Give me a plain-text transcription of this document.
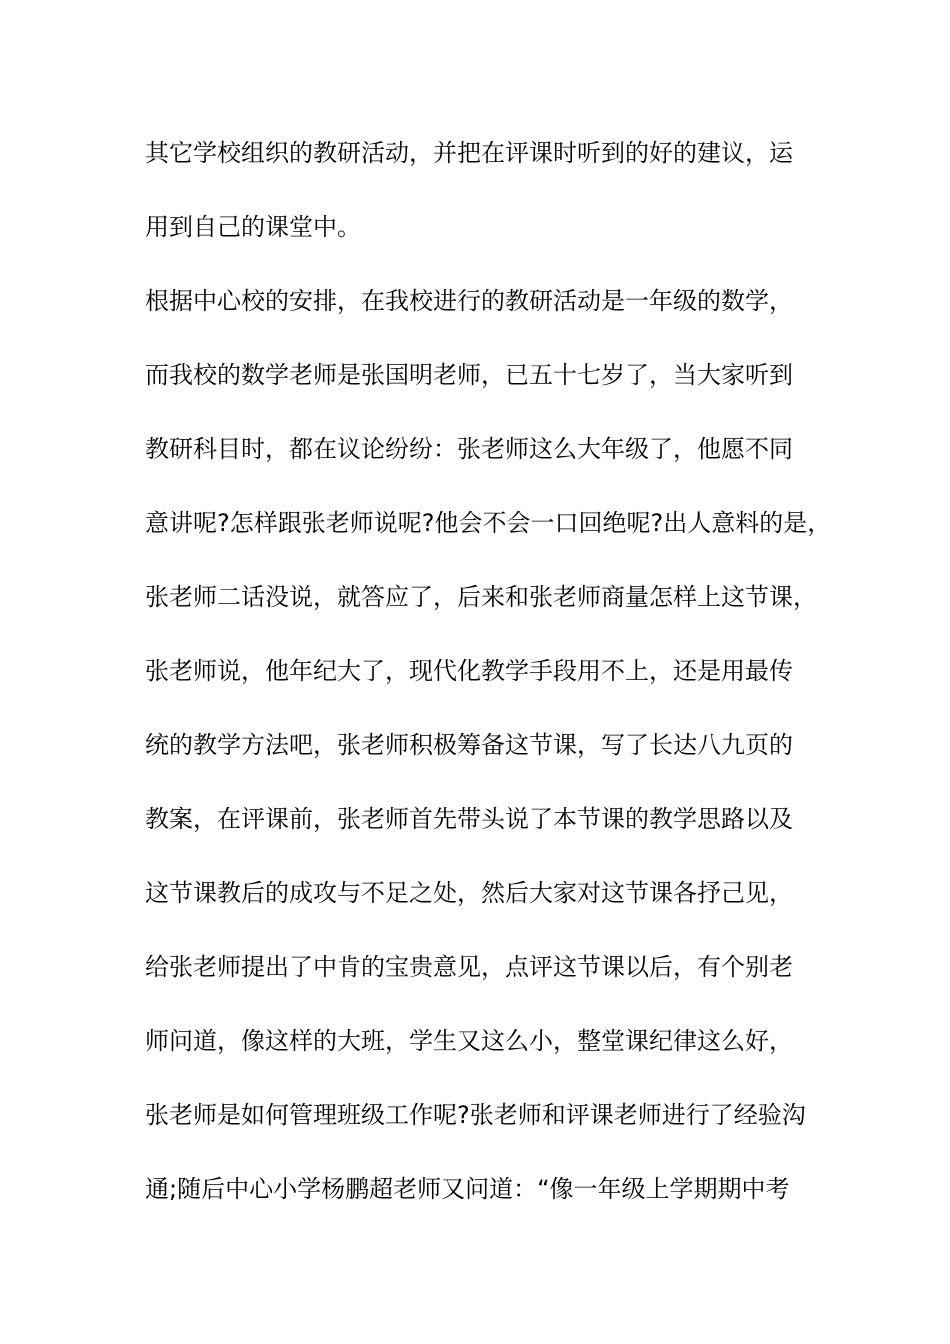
其它学校组织的教研活动，并把在评课时听到的好的建议，运
用到自己的课堂中。
根据中心校的安排，在我校进行的教研活动是一年级的数学，
而我校的数学老师是张国明老师，已五十七岁了，当大家听到
教研科目时，都在议论纷纷：张老师这么大年级了，他愿不同
意讲呢?怎样跟张老师说呢?他会不会一口回绝呢?出人意料的是，
张老师二话没说，就答应了，后来和张老师商量怎样上这节课，
张老师说，他年纪大了，现代化教学手段用不上，还是用最传
统的教学方法吧，张老师积极筹备这节课，写了长达八九页的
教案，在评课前，张老师首先带头说了本节课的教学思路以及
这节课教后的成攻与不足之处，然后大家对这节课各抒己见，
给张老师提出了中肯的宝贵意见，点评这节课以后，有个别老
师问道，像这样的大班，学生又这么小，整堂课纪律这么好，
张老师是如何管理班级工作呢?张老师和评课老师进行了经验沟
通;随后中心小学杨鹏超老师又问道：“像一年级上学期期中考
